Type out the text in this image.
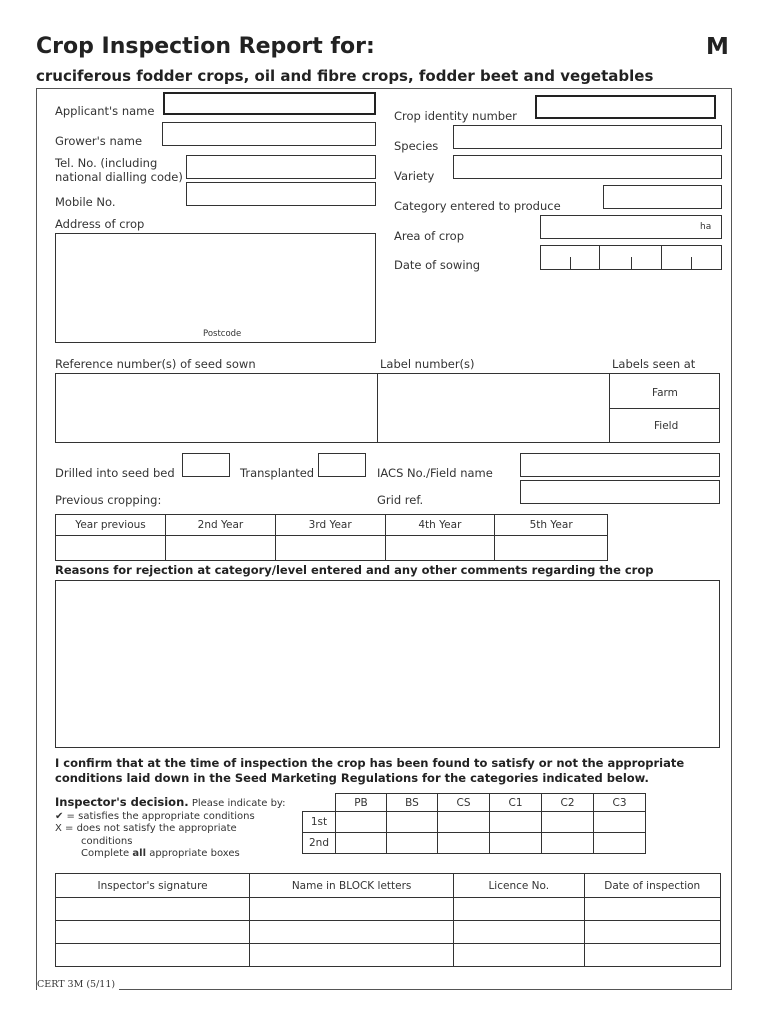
Crop Inspection Report for:	M
cruciferous fodder crops, oil and fibre crops, fodder beet and vegetables
Applicant's name
Grower's name
Tel. No. (including
national dialling code)
Mobile No.
Address of crop
Postcode
Crop identity number
Species
Variety
Category entered to produce
Area of crop
ha
Date of sowing
Reference number(s) of seed sown	Label number(s)	Labels seen at
Farm
Field
Drilled into seed bed	Transplanted	IACS No./Field name
Previous cropping:	Grid ref.
Year previous	2nd Year	3rd Year	4th Year	5th Year

Reasons for rejection at category/level entered and any other comments regarding the crop
I confirm that at the time of inspection the crop has been found to satisfy or not the appropriate
conditions laid down in the Seed Marketing Regulations for the categories indicated below.
Inspector's decision. Please indicate by:
✔ = satisfies the appropriate conditions
X = does not satisfy the appropriate
conditions
Complete all appropriate boxes
PB	BS	CS	C1	C2	C3

1st
2nd
Inspector's signature	Name in BLOCK letters	Licence No.	Date of inspection

CERT 3M (5/11)
